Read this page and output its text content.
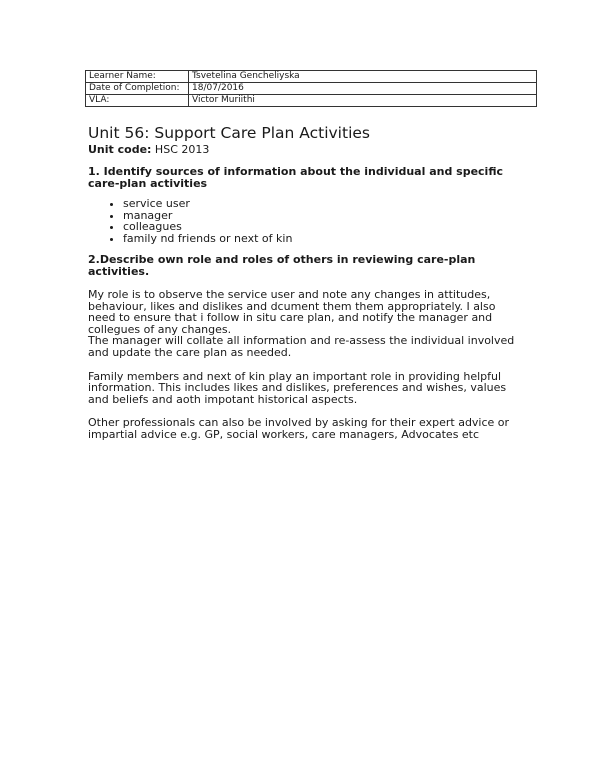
Learner Name:	Tsvetelina Gencheliyska
Date of Completion:	18/07/2016
VLA:	Victor Muriithi
Unit 56: Support Care Plan Activities
Unit code: HSC 2013
1. Identify sources of information about the individual and specific care-plan activities
• service user
• manager
• colleagues
• family nd friends or next of kin
2.Describe own role and roles of others in reviewing care-plan activities.

My role is to observe the service user and note any changes in attitudes, behaviour, likes and dislikes and dcument them them appropriately. I also need to ensure that i follow in situ care plan, and notify the manager and collegues of any changes.

The manager will collate all information and re-assess the individual involved and update the care plan as needed.

Family members and next of kin play an important role in providing helpful information. This includes likes and dislikes, preferences and wishes, values and beliefs and aoth impotant historical aspects.

Other professionals can also be involved by asking for their expert advice or impartial advice e.g. GP, social workers, care managers, Advocates etc
